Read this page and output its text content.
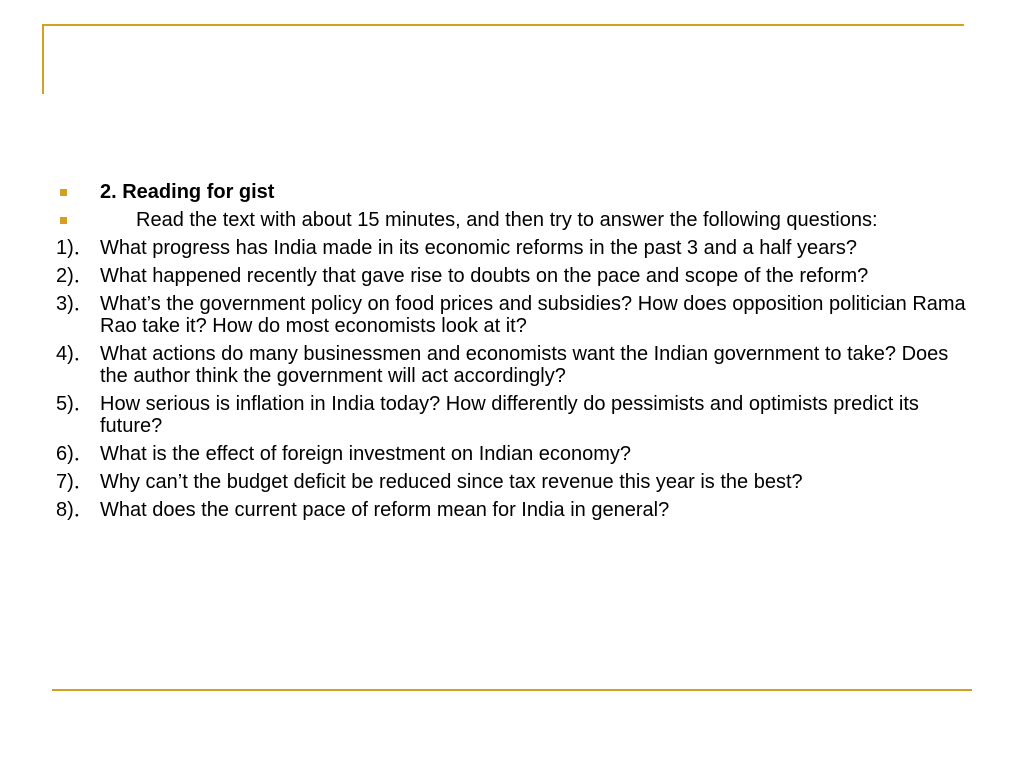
2. Reading for gist
Read the text with about 15 minutes, and then try to answer the following questions:
1)． What progress has India made in its economic reforms in the past 3 and a half years?
2)． What happened recently that gave rise to doubts on the pace and scope of the reform?
3)． What’s the government policy on food prices and subsidies? How does opposition politician Rama Rao take it? How do most economists look at it?
4)． What actions do many businessmen and economists want the Indian government to take? Does the author think the government will act accordingly?
5)． How serious is inflation in India today? How differently do pessimists and optimists predict its future?
6)． What is the effect of foreign investment on Indian economy?
7)． Why can’t the budget deficit be reduced since tax revenue this year is the best?
8)． What does the current pace of reform mean for India in general?
